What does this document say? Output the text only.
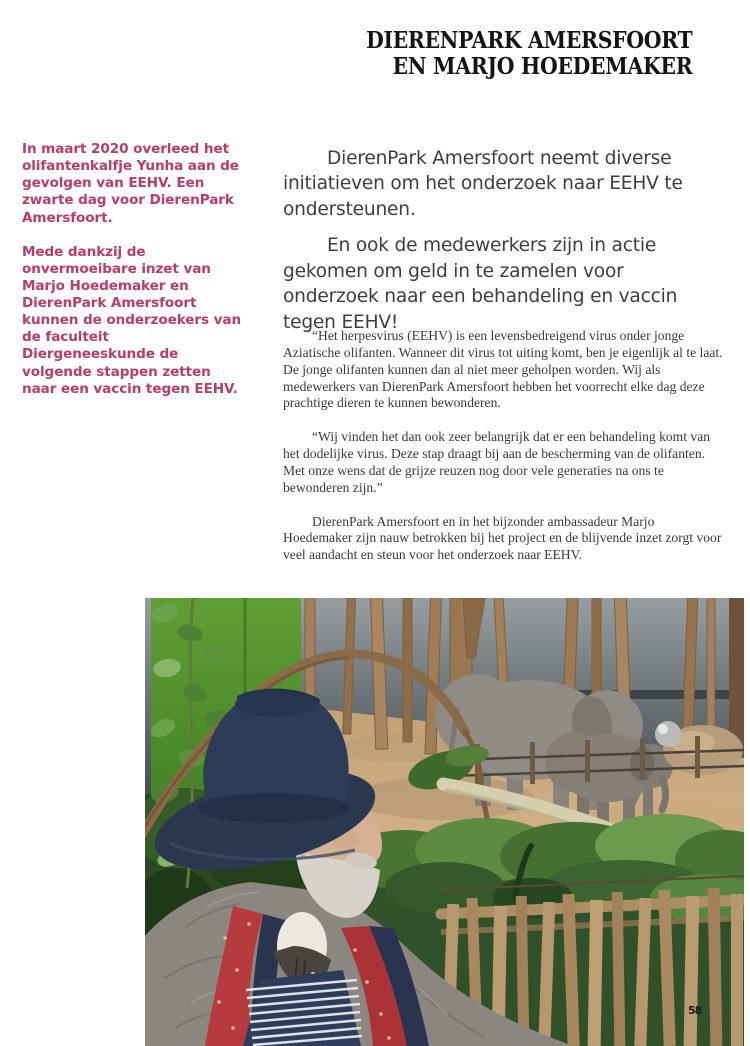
DIERENPARK AMERSFOORT
EN MARJO HOEDEMAKER

In maart 2020 overleed het olifantenkalfje Yunha aan de gevolgen van EEHV. Een zwarte dag voor DierenPark Amersfoort.

Mede dankzij de onvermoeibare inzet van Marjo Hoedemaker en DierenPark Amersfoort kunnen de onderzoekers van de faculteit Diergeneeskunde de volgende stappen zetten naar een vaccin tegen EEHV.

DierenPark Amersfoort neemt diverse initiatieven om het onderzoek naar EEHV te ondersteunen.

En ook de medewerkers zijn in actie gekomen om geld in te zamelen voor onderzoek naar een behandeling en vaccin tegen EEHV!

“Het herpesvirus (EEHV) is een levensbedreigend virus onder jonge Aziatische olifanten. Wanneer dit virus tot uiting komt, ben je eigenlijk al te laat. De jonge olifanten kunnen dan al niet meer geholpen worden. Wij als medewerkers van DierenPark Amersfoort hebben het voorrecht elke dag deze prachtige dieren te kunnen bewonderen.

“Wij vinden het dan ook zeer belangrijk dat er een behandeling komt van het dodelijke virus. Deze stap draagt bij aan de bescherming van de olifanten. Met onze wens dat de grijze reuzen nog door vele generaties na ons te bewonderen zijn.”

DierenPark Amersfoort en in het bijzonder ambassadeur Marjo Hoedemaker zijn nauw betrokken bij het project en de blijvende inzet zorgt voor veel aandacht en steun voor het onderzoek naar EEHV.

58
